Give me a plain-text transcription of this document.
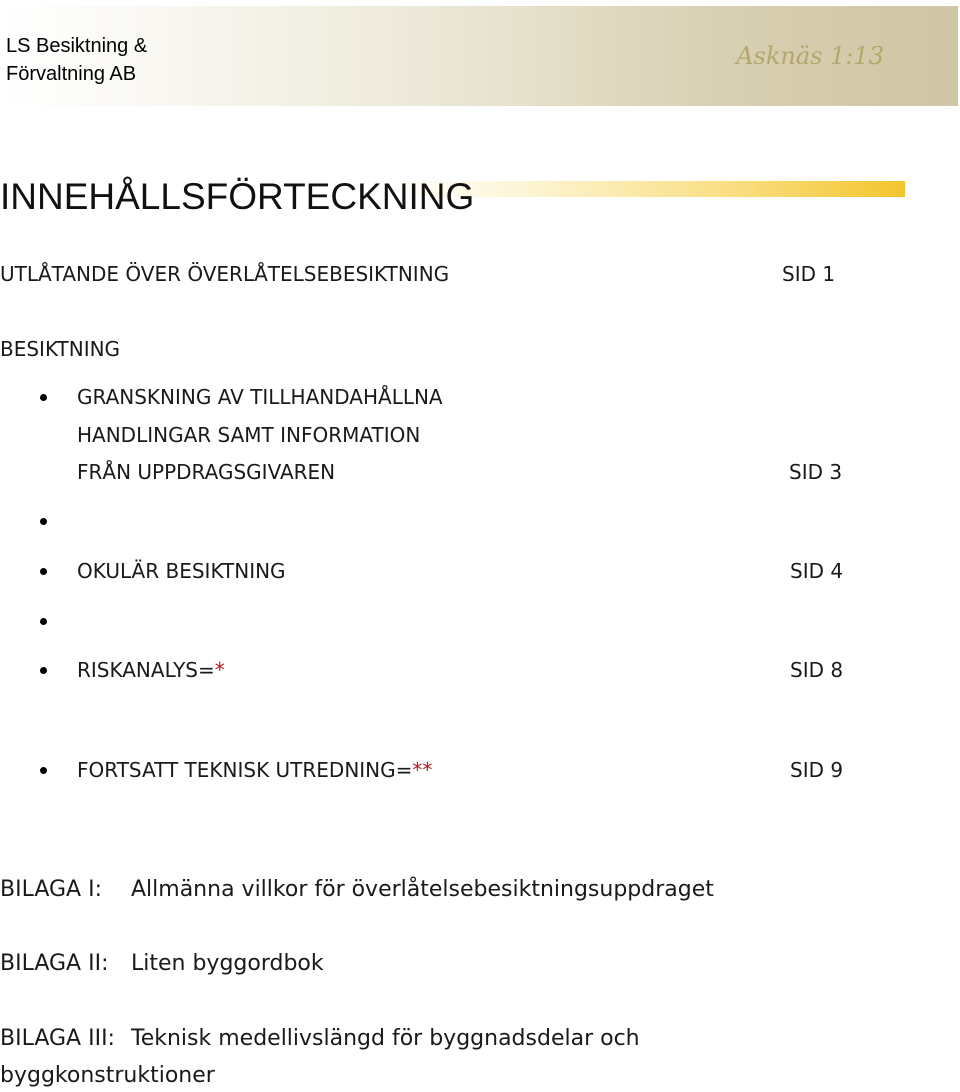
LS Besiktning &
Förvaltning AB
Asknäs 1:13
INNEHÅLLSFÖRTECKNING
UTLÅTANDE ÖVER ÖVERLÅTELSEBESIKTNING	SID 1
BESIKTNING
GRANSKNING AV TILLHANDAHÅLLNA
HANDLINGAR SAMT INFORMATION
FRÅN UPPDRAGSGIVAREN	SID 3
OKULÄR BESIKTNING	SID 4
RISKANALYS=*	SID 8
FORTSATT TEKNISK UTREDNING=**	SID 9
BILAGA I: Allmänna villkor för överlåtelsebesiktningsuppdraget
BILAGA II: Liten byggordbok
BILAGA III: Teknisk medellivslängd för byggnadsdelar och
byggkonstruktioner
